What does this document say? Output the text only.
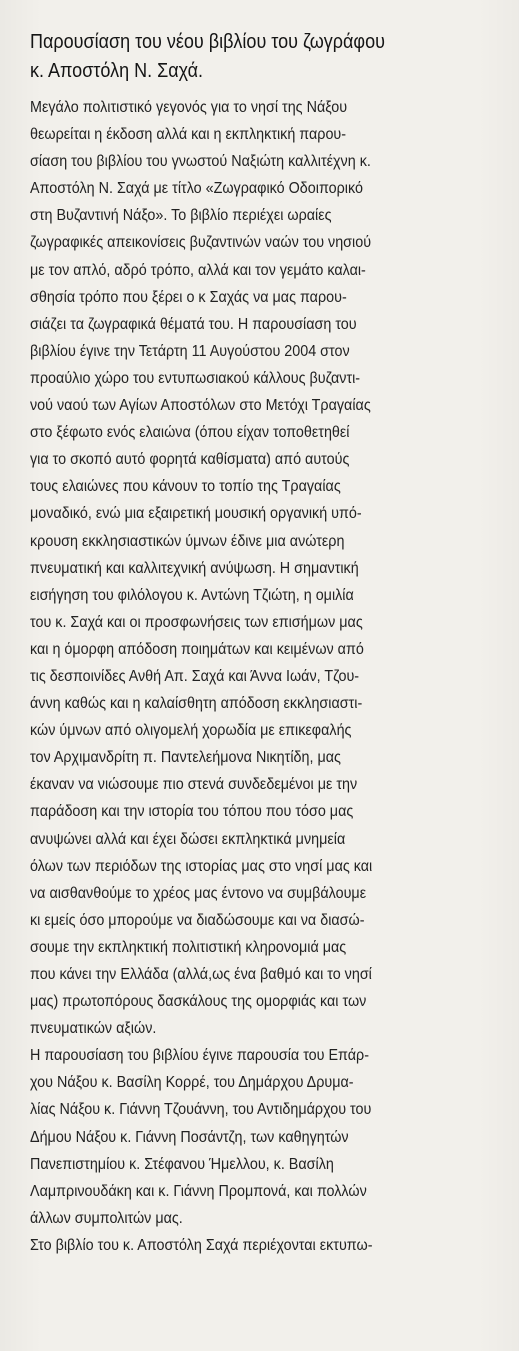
Παρουσίαση του νέου βιβλίου του ζωγράφου
κ. Αποστόλη Ν. Σαχά.

Μεγάλο πολιτιστικό γεγονός για το νησί της Νάξου
θεωρείται η έκδοση αλλά και η εκπληκτική παρου-
σίαση του βιβλίου του γνωστού Ναξιώτη καλλιτέχνη κ.
Αποστόλη Ν. Σαχά με τίτλο «Ζωγραφικό Οδοιπορικό
στη Βυζαντινή Νάξο». Το βιβλίο περιέχει ωραίες
ζωγραφικές απεικονίσεις βυζαντινών ναών του νησιού
με τον απλό, αδρό τρόπο, αλλά και τον γεμάτο καλαι-
σθησία τρόπο που ξέρει ο κ Σαχάς να μας παρου-
σιάζει τα ζωγραφικά θέματά του. Η παρουσίαση του
βιβλίου έγινε την Τετάρτη 11 Αυγούστου 2004 στον
προαύλιο χώρο του εντυπωσιακού κάλλους βυζαντι-
νού ναού των Αγίων Αποστόλων στο Μετόχι Τραγαίας
στο ξέφωτο ενός ελαιώνα (όπου είχαν τοποθετηθεί
για το σκοπό αυτό φορητά καθίσματα) από αυτούς
τους ελαιώνες που κάνουν το τοπίο της Τραγαίας
μοναδικό, ενώ μια εξαιρετική μουσική οργανική υπό-
κρουση εκκλησιαστικών ύμνων έδινε μια ανώτερη
πνευματική και καλλιτεχνική ανύψωση. Η σημαντική
εισήγηση του φιλόλογου κ. Αντώνη Τζιώτη, η ομιλία
του κ. Σαχά και οι προσφωνήσεις των επισήμων μας
και η όμορφη απόδοση ποιημάτων και κειμένων από
τις δεσποινίδες Ανθή Απ. Σαχά και Άννα Ιωάν, Τζου-
άννη καθώς και η καλαίσθητη απόδοση εκκλησιαστι-
κών ύμνων από ολιγομελή χορωδία με επικεφαλής
τον Αρχιμανδρίτη π. Παντελεήμονα Νικητίδη, μας
έκαναν να νιώσουμε πιο στενά συνδεδεμένοι με την
παράδοση και την ιστορία του τόπου που τόσο μας
ανυψώνει αλλά και έχει δώσει εκπληκτικά μνημεία
όλων των περιόδων της ιστορίας μας στο νησί μας και
να αισθανθούμε το χρέος μας έντονο να συμβάλουμε
κι εμείς όσο μπορούμε να διαδώσουμε και να διασώ-
σουμε την εκπληκτική πολιτιστική κληρονομιά μας
που κάνει την Ελλάδα (αλλά,ως ένα βαθμό και το νησί
μας) πρωτοπόρους δασκάλους της ομορφιάς και των
πνευματικών αξιών.

Η παρουσίαση του βιβλίου έγινε παρουσία του Επάρ-
χου Νάξου κ. Βασίλη Κορρέ, του Δημάρχου Δρυμα-
λίας Νάξου κ. Γιάννη Τζουάννη, του Αντιδημάρχου του
Δήμου Νάξου κ. Γιάννη Ποσάντζη, των καθηγητών
Πανεπιστημίου κ. Στέφανου Ήμελλου, κ. Βασίλη
Λαμπρινουδάκη και κ. Γιάννη Προμπονά, και πολλών
άλλων συμπολιτών μας.

Στο βιβλίο του κ. Αποστόλη Σαχά περιέχονται εκτυπω-
